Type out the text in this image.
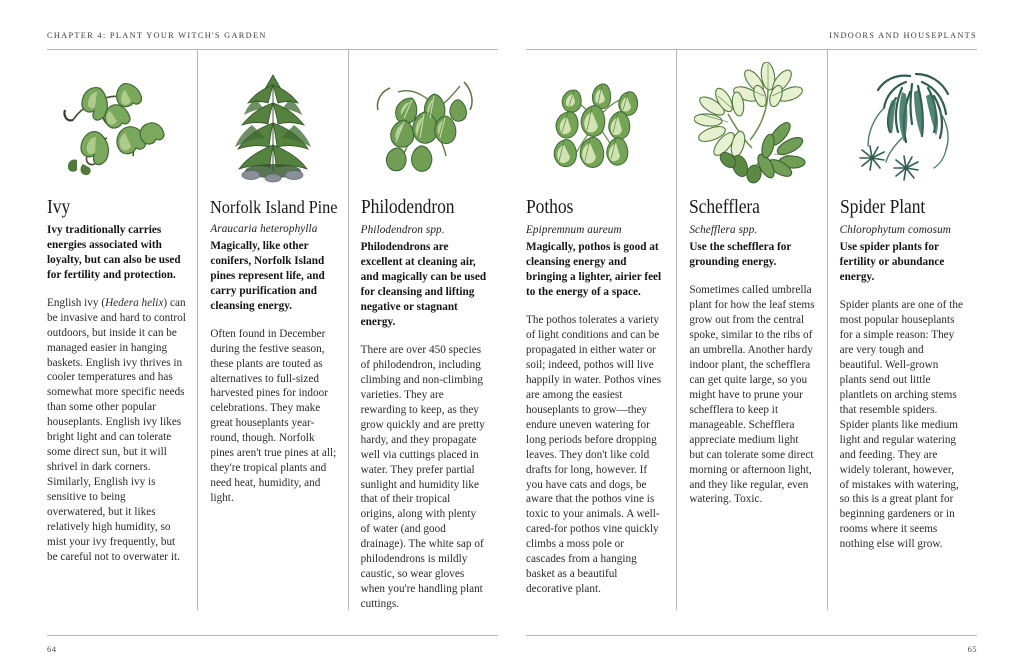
CHAPTER 4: PLANT YOUR WITCH'S GARDEN
Ivy
Ivy traditionally carries energies associated with loyalty, but can also be used for fertility and protection.
English ivy (Hedera helix) can be invasive and hard to control outdoors, but inside it can be managed easier in hanging baskets. English ivy thrives in cooler temperatures and has somewhat more specific needs than some other popular houseplants. English ivy likes bright light and can tolerate some direct sun, but it will shrivel in dark corners. Similarly, English ivy is sensitive to being overwatered, but it likes relatively high humidity, so mist your ivy frequently, but be careful not to overwater it.
Norfolk Island Pine
Araucaria heterophylla
Magically, like other conifers, Norfolk Island pines represent life, and carry purification and cleansing energy.
Often found in December during the festive season, these plants are touted as alternatives to full-sized harvested pines for indoor celebrations. They make great houseplants year-round, though. Norfolk pines aren't true pines at all; they're tropical plants and need heat, humidity, and light.
Philodendron
Philodendron spp.
Philodendrons are excellent at cleaning air, and magically can be used for cleansing and lifting negative or stagnant energy.
There are over 450 species of philodendron, including climbing and non-climbing varieties. They are rewarding to keep, as they grow quickly and are pretty hardy, and they propagate well via cuttings placed in water. They prefer partial sunlight and humidity like that of their tropical origins, along with plenty of water (and good drainage). The white sap of philodendrons is mildly caustic, so wear gloves when you're handling plant cuttings.
64
INDOORS AND HOUSEPLANTS
Pothos
Epipremnum aureum
Magically, pothos is good at cleansing energy and bringing a lighter, airier feel to the energy of a space.
The pothos tolerates a variety of light conditions and can be propagated in either water or soil; indeed, pothos will live happily in water. Pothos vines are among the easiest houseplants to grow—they endure uneven watering for long periods before dropping leaves. They don't like cold drafts for long, however. If you have cats and dogs, be aware that the pothos vine is toxic to your animals. A well-cared-for pothos vine quickly climbs a moss pole or cascades from a hanging basket as a beautiful decorative plant.
Schefflera
Schefflera spp.
Use the schefflera for grounding energy.
Sometimes called umbrella plant for how the leaf stems grow out from the central spoke, similar to the ribs of an umbrella. Another hardy indoor plant, the schefflera can get quite large, so you might have to prune your schefflera to keep it manageable. Schefflera appreciate medium light but can tolerate some direct morning or afternoon light, and they like regular, even watering. Toxic.
Spider Plant
Chlorophytum comosum
Use spider plants for fertility or abundance energy.
Spider plants are one of the most popular houseplants for a simple reason: They are very tough and beautiful. Well-grown plants send out little plantlets on arching stems that resemble spiders. Spider plants like medium light and regular watering and feeding. They are widely tolerant, however, of mistakes with watering, so this is a great plant for beginning gardeners or in rooms where it seems nothing else will grow.
65
